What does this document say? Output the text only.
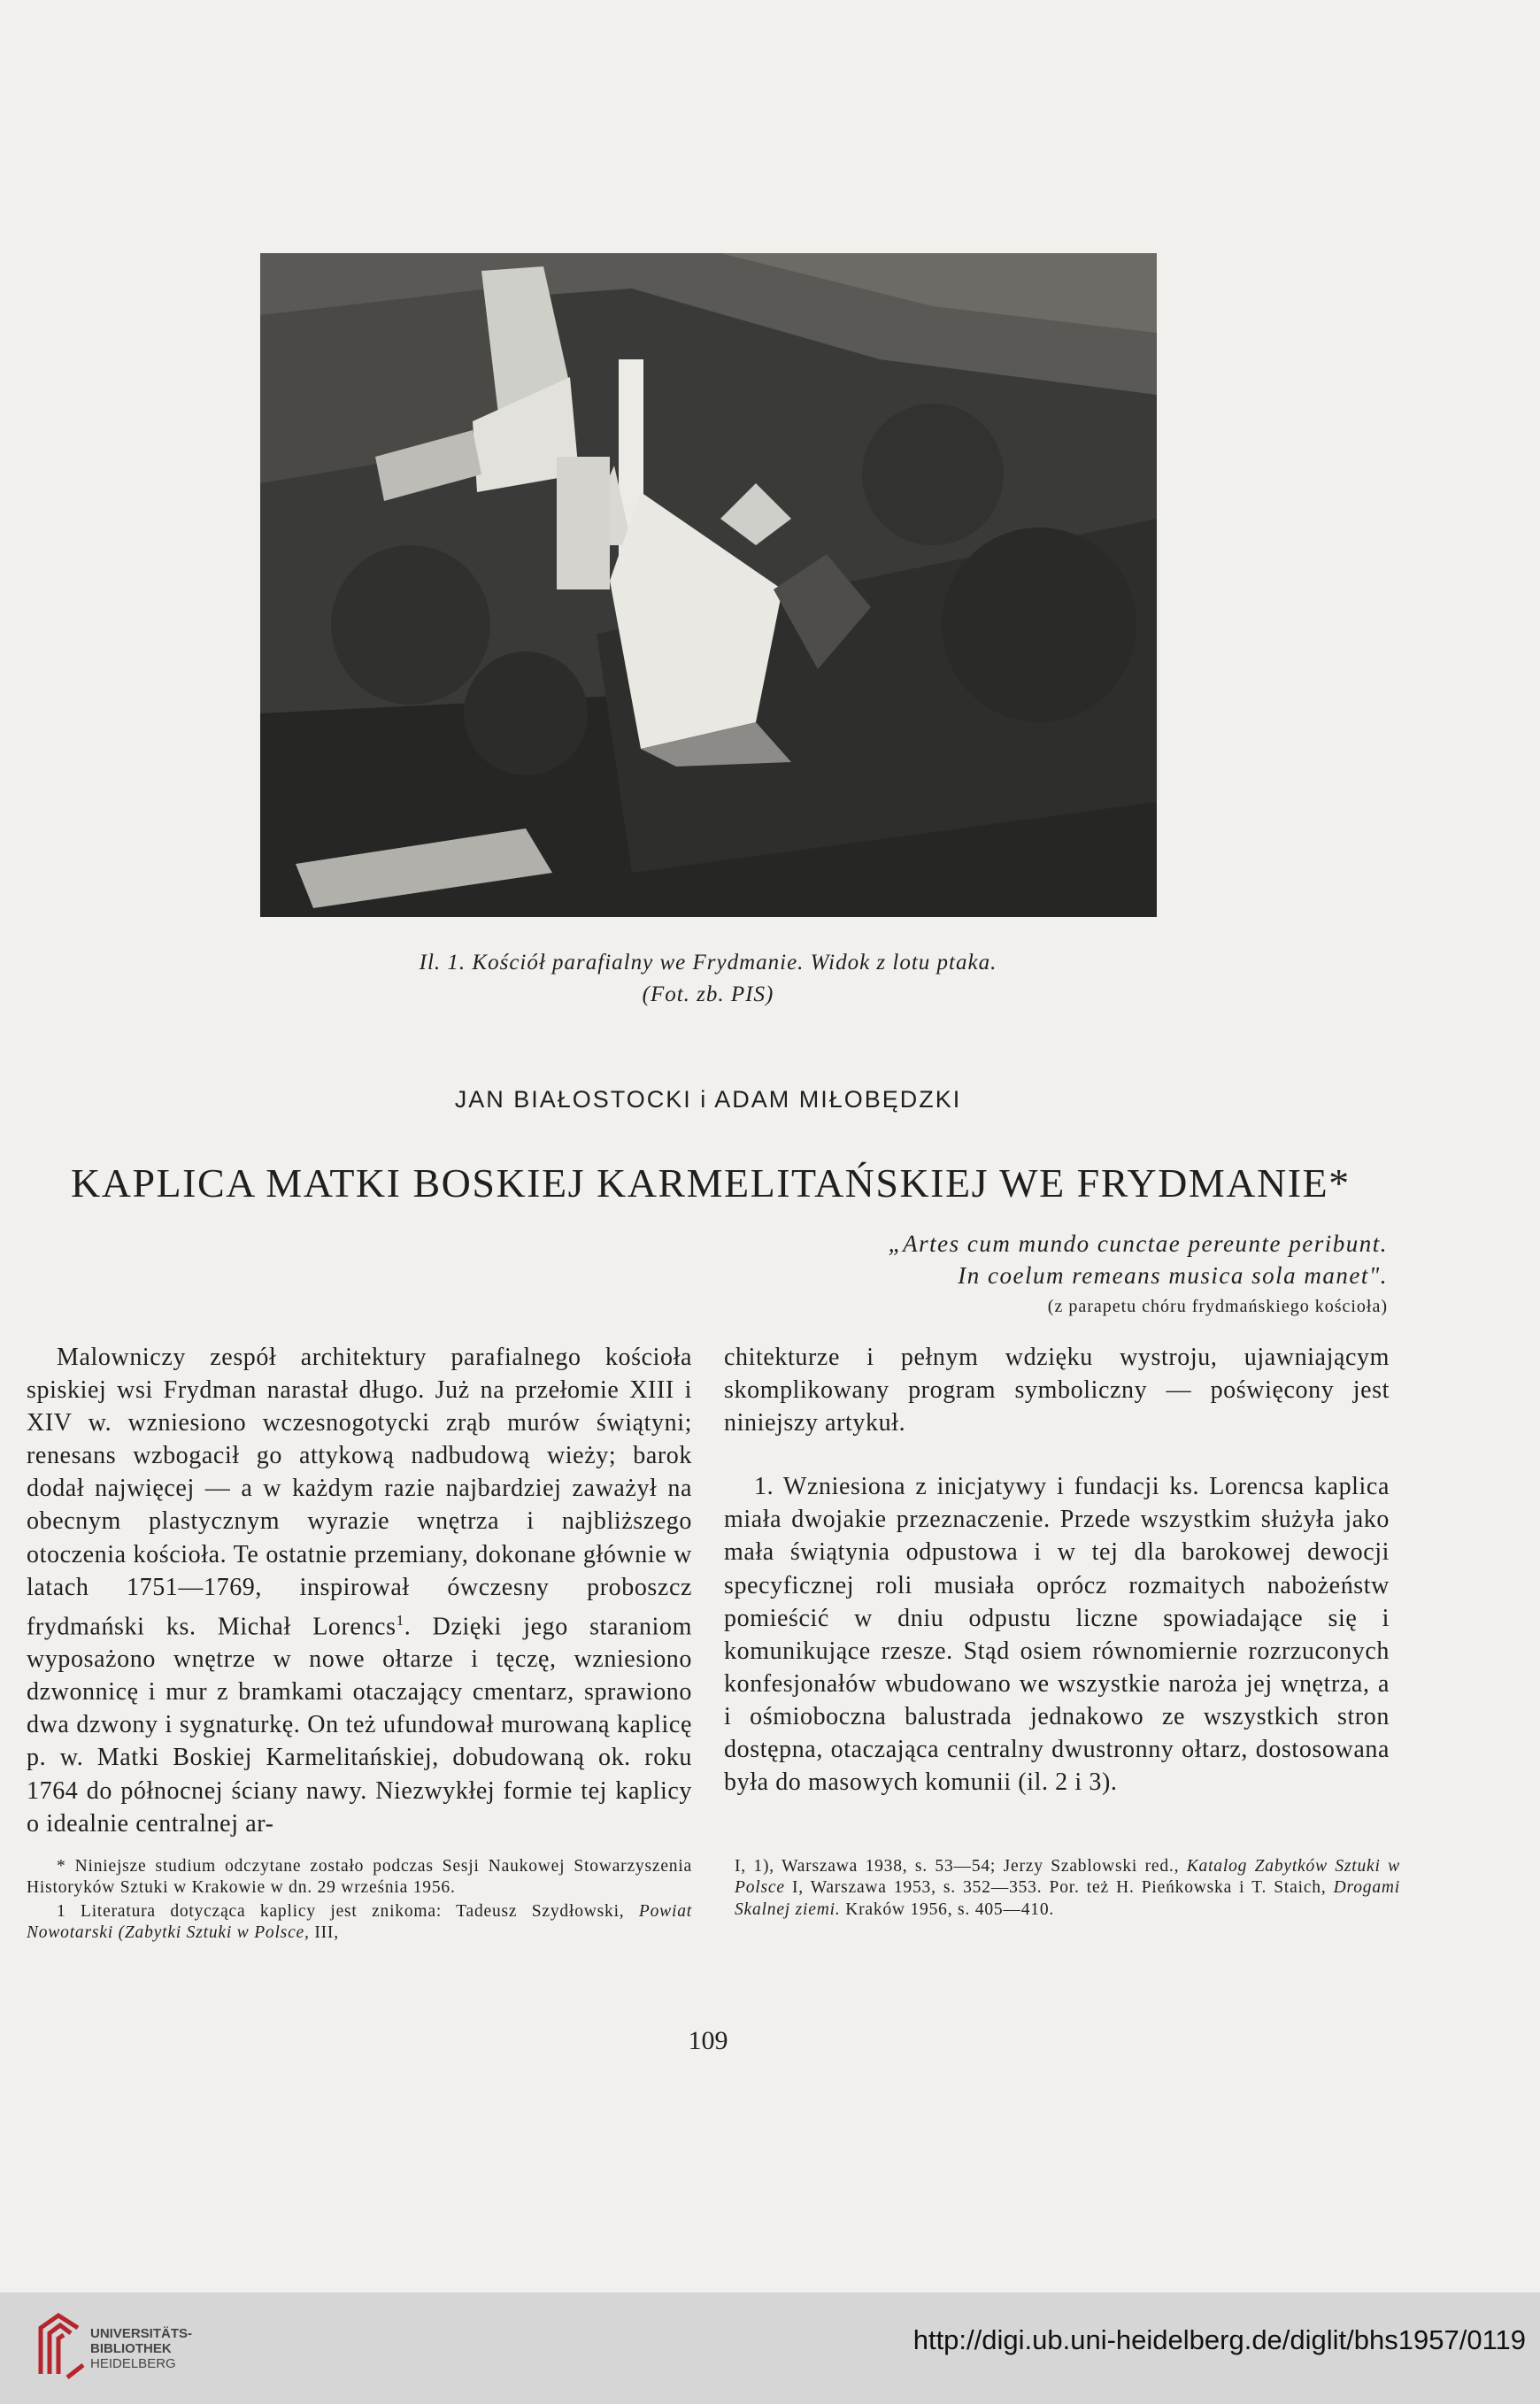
Il. 1. Kościół parafialny we Frydmanie. Widok z lotu ptaka.
(Fot. zb. PIS)
JAN BIAŁOSTOCKI i ADAM MIŁOBĘDZKI
KAPLICA MATKI BOSKIEJ KARMELITAŃSKIEJ WE FRYDMANIE*
„Artes cum mundo cunctae pereunte peribunt.
In coelum remeans musica sola manet".
(z parapetu chóru frydmańskiego kościoła)

Malowniczy zespół architektury parafialnego kościoła spiskiej wsi Frydman narastał długo. Już na przełomie XIII i XIV w. wzniesiono wczesnogotycki zrąb murów świątyni; renesans wzbogacił go attykową nadbudową wieży; barok dodał najwięcej — a w każdym razie najbardziej zaważył na obecnym plastycznym wyrazie wnętrza i najbliższego otoczenia kościoła. Te ostatnie przemiany, dokonane głównie w latach 1751—1769, inspirował ówczesny proboszcz frydmański ks. Michał Lorencs$^1$. Dzięki jego staraniom wyposażono wnętrze w nowe ołtarze i tęczę, wzniesiono dzwonnicę i mur z bramkami otaczający cmentarz, sprawiono dwa dzwony i sygnaturkę. On też ufundował murowaną kaplicę p. w. Matki Boskiej Karmelitańskiej, dobudowaną ok. roku 1764 do północnej ściany nawy. Niezwykłej formie tej kaplicy o idealnie centralnej ar-

chitekturze i pełnym wdzięku wystroju, ujawniającym skomplikowany program symboliczny — poświęcony jest niniejszy artykuł.

1. Wzniesiona z inicjatywy i fundacji ks. Lorencsa kaplica miała dwojakie przeznaczenie. Przede wszystkim służyła jako mała świątynia odpustowa i w tej dla barokowej dewocji specyficznej roli musiała oprócz rozmaitych nabożeństw pomieścić w dniu odpustu liczne spowiadające się i komunikujące rzesze. Stąd osiem równomiernie rozrzuconych konfesjonałów wbudowano we wszystkie naroża jej wnętrza, a i ośmioboczna balustrada jednakowo ze wszystkich stron dostępna, otaczająca centralny dwustronny ołtarz, dostosowana była do masowych komunii (il. 2 i 3).

* Niniejsze studium odczytane zostało podczas Sesji Naukowej Stowarzyszenia Historyków Sztuki w Krakowie w dn. 29 września 1956.

1 Literatura dotycząca kaplicy jest znikoma: Tadeusz Szydłowski, Powiat Nowotarski (Zabytki Sztuki w Polsce, III,

I, 1), Warszawa 1938, s. 53—54; Jerzy Szablowski red., Katalog Zabytków Sztuki w Polsce I, Warszawa 1953, s. 352—353. Por. też H. Pieńkowska i T. Staich, Drogami Skalnej ziemi. Kraków 1956, s. 405—410.

109
UNIVERSITÄTS-
BIBLIOTHEK
HEIDELBERG
http://digi.ub.uni-heidelberg.de/diglit/bhs1957/0119
